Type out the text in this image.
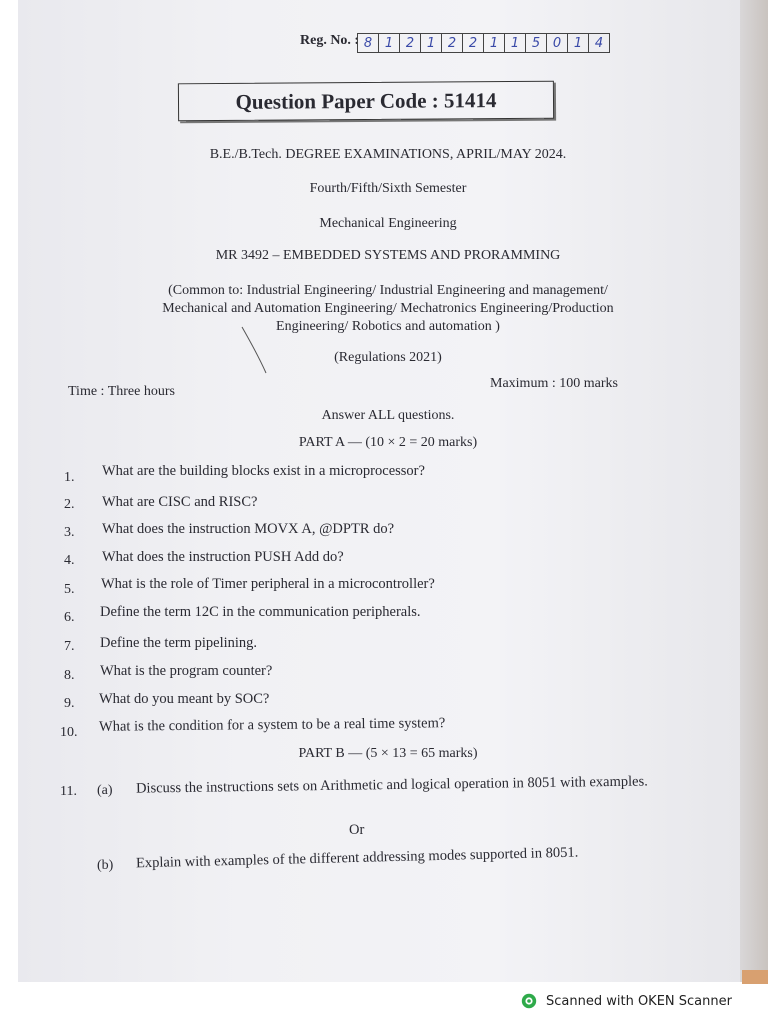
Reg. No. : 8 1 2 1 2 2 1 1 5 0 1 4
Question Paper Code : 51414
B.E./B.Tech. DEGREE EXAMINATIONS, APRIL/MAY 2024.
Fourth/Fifth/Sixth Semester
Mechanical Engineering
MR 3492 – EMBEDDED SYSTEMS AND PRORAMMING
(Common to: Industrial Engineering/ Industrial Engineering and management/
Mechanical and Automation Engineering/ Mechatronics Engineering/Production
Engineering/ Robotics and automation )
(Regulations 2021)
Time : Three hours
Maximum : 100 marks
Answer ALL questions.
PART A — (10 × 2 = 20 marks)
1. What are the building blocks exist in a microprocessor?
2. What are CISC and RISC?
3. What does the instruction MOVX A, @DPTR do?
4. What does the instruction PUSH Add do?
5. What is the role of Timer peripheral in a microcontroller?
6. Define the term 12C in the communication peripherals.
7. Define the term pipelining.
8. What is the program counter?
9. What do you meant by SOC?
10. What is the condition for a system to be a real time system?
PART B — (5 × 13 = 65 marks)
11. (a) Discuss the instructions sets on Arithmetic and logical operation in 8051 with examples.
Or
(b) Explain with examples of the different addressing modes supported in 8051.
Scanned with OKEN Scanner
